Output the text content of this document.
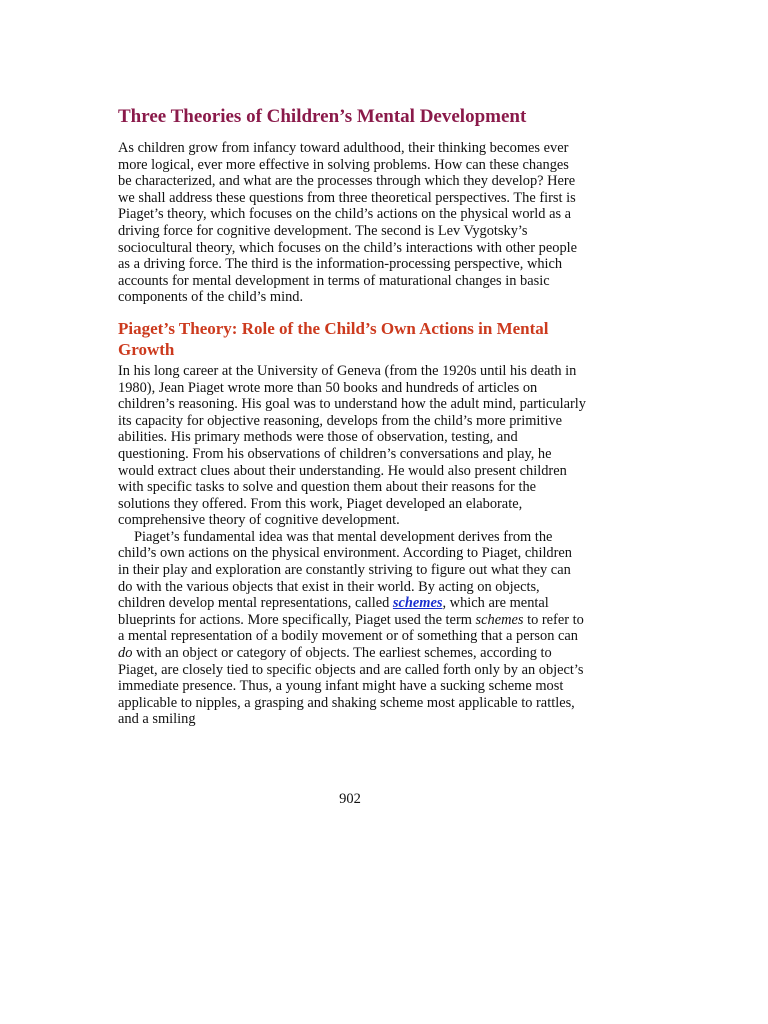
Three Theories of Children’s Mental Development

As children grow from infancy toward adulthood, their thinking becomes ever more logical, ever more effective in solving problems. How can these changes be characterized, and what are the processes through which they develop? Here we shall address these questions from three theoretical perspectives. The first is Piaget’s theory, which focuses on the child’s actions on the physical world as a driving force for cognitive development. The second is Lev Vygotsky’s sociocultural theory, which focuses on the child’s interactions with other people as a driving force. The third is the information-processing perspective, which accounts for mental development in terms of maturational changes in basic components of the child’s mind.

Piaget’s Theory: Role of the Child’s Own Actions in Mental Growth

In his long career at the University of Geneva (from the 1920s until his death in 1980), Jean Piaget wrote more than 50 books and hundreds of articles on children’s reasoning. His goal was to understand how the adult mind, particularly its capacity for objective reasoning, develops from the child’s more primitive abilities. His primary methods were those of observation, testing, and questioning. From his observations of children’s conversations and play, he would extract clues about their understanding. He would also present children with specific tasks to solve and question them about their reasons for the solutions they offered. From this work, Piaget developed an elaborate, comprehensive theory of cognitive development.

Piaget’s fundamental idea was that mental development derives from the child’s own actions on the physical environment. According to Piaget, children in their play and exploration are constantly striving to figure out what they can do with the various objects that exist in their world. By acting on objects, children develop mental representations, called schemes, which are mental blueprints for actions. More specifically, Piaget used the term schemes to refer to a mental representation of a bodily movement or of something that a person can do with an object or category of objects. The earliest schemes, according to Piaget, are closely tied to specific objects and are called forth only by an object’s immediate presence. Thus, a young infant might have a sucking scheme most applicable to nipples, a grasping and shaking scheme most applicable to rattles, and a smiling

902
